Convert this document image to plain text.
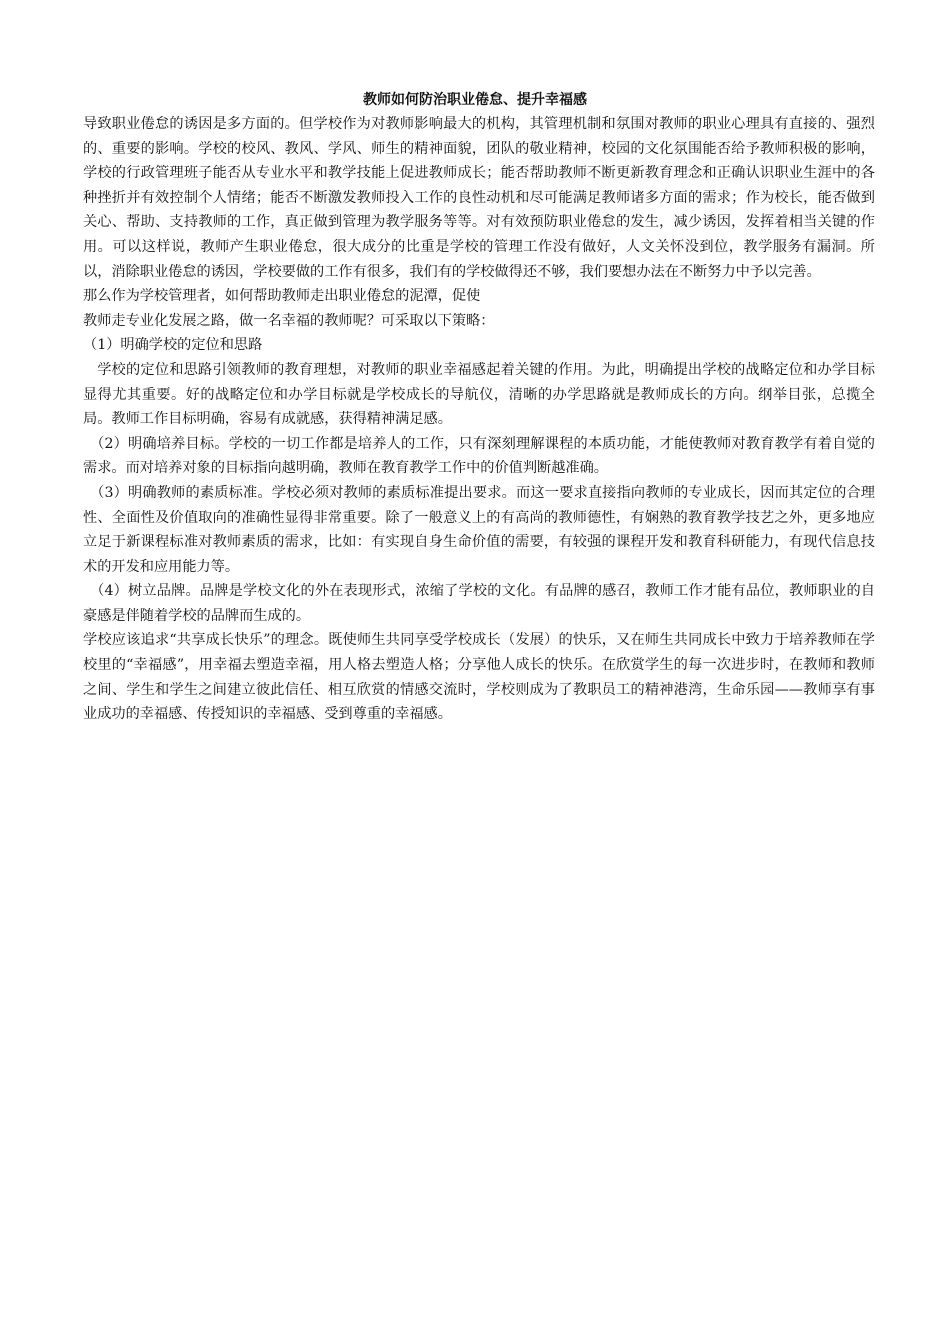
教师如何防治职业倦怠、提升幸福感

导致职业倦怠的诱因是多方面的。但学校作为对教师影响最大的机构，其管理机制和氛围对教师的职业心理具有直接的、强烈的、重要的影响。学校的校风、教风、学风、师生的精神面貌，团队的敬业精神，校园的文化氛围能否给予教师积极的影响，学校的行政管理班子能否从专业水平和教学技能上促进教师成长；能否帮助教师不断更新教育理念和正确认识职业生涯中的各种挫折并有效控制个人情绪；能否不断激发教师投入工作的良性动机和尽可能满足教师诸多方面的需求；作为校长，能否做到关心、帮助、支持教师的工作，真正做到管理为教学服务等等。对有效预防职业倦怠的发生，减少诱因，发挥着相当关键的作用。可以这样说，教师产生职业倦怠，很大成分的比重是学校的管理工作没有做好，人文关怀没到位，教学服务有漏洞。所以，消除职业倦怠的诱因，学校要做的工作有很多，我们有的学校做得还不够，我们要想办法在不断努力中予以完善。

那么作为学校管理者，如何帮助教师走出职业倦怠的泥潭，促使

教师走专业化发展之路，做一名幸福的教师呢？可采取以下策略：

（1）明确学校的定位和思路

学校的定位和思路引领教师的教育理想，对教师的职业幸福感起着关键的作用。为此，明确提出学校的战略定位和办学目标显得尤其重要。好的战略定位和办学目标就是学校成长的导航仪，清晰的办学思路就是教师成长的方向。纲举目张，总揽全局。教师工作目标明确，容易有成就感，获得精神满足感。

（2）明确培养目标。学校的一切工作都是培养人的工作，只有深刻理解课程的本质功能，才能使教师对教育教学有着自觉的需求。而对培养对象的目标指向越明确，教师在教育教学工作中的价值判断越准确。

（3）明确教师的素质标准。学校必须对教师的素质标准提出要求。而这一要求直接指向教师的专业成长，因而其定位的合理性、全面性及价值取向的准确性显得非常重要。除了一般意义上的有高尚的教师德性，有娴熟的教育教学技艺之外，更多地应立足于新课程标准对教师素质的需求，比如：有实现自身生命价值的需要，有较强的课程开发和教育科研能力，有现代信息技术的开发和应用能力等。

（4）树立品牌。品牌是学校文化的外在表现形式，浓缩了学校的文化。有品牌的感召，教师工作才能有品位，教师职业的自豪感是伴随着学校的品牌而生成的。

学校应该追求“共享成长快乐”的理念。既使师生共同享受学校成长（发展）的快乐，又在师生共同成长中致力于培养教师在学校里的“幸福感”，用幸福去塑造幸福，用人格去塑造人格；分享他人成长的快乐。在欣赏学生的每一次进步时，在教师和教师之间、学生和学生之间建立彼此信任、相互欣赏的情感交流时，学校则成为了教职员工的精神港湾，生命乐园——教师享有事业成功的幸福感、传授知识的幸福感、受到尊重的幸福感。
